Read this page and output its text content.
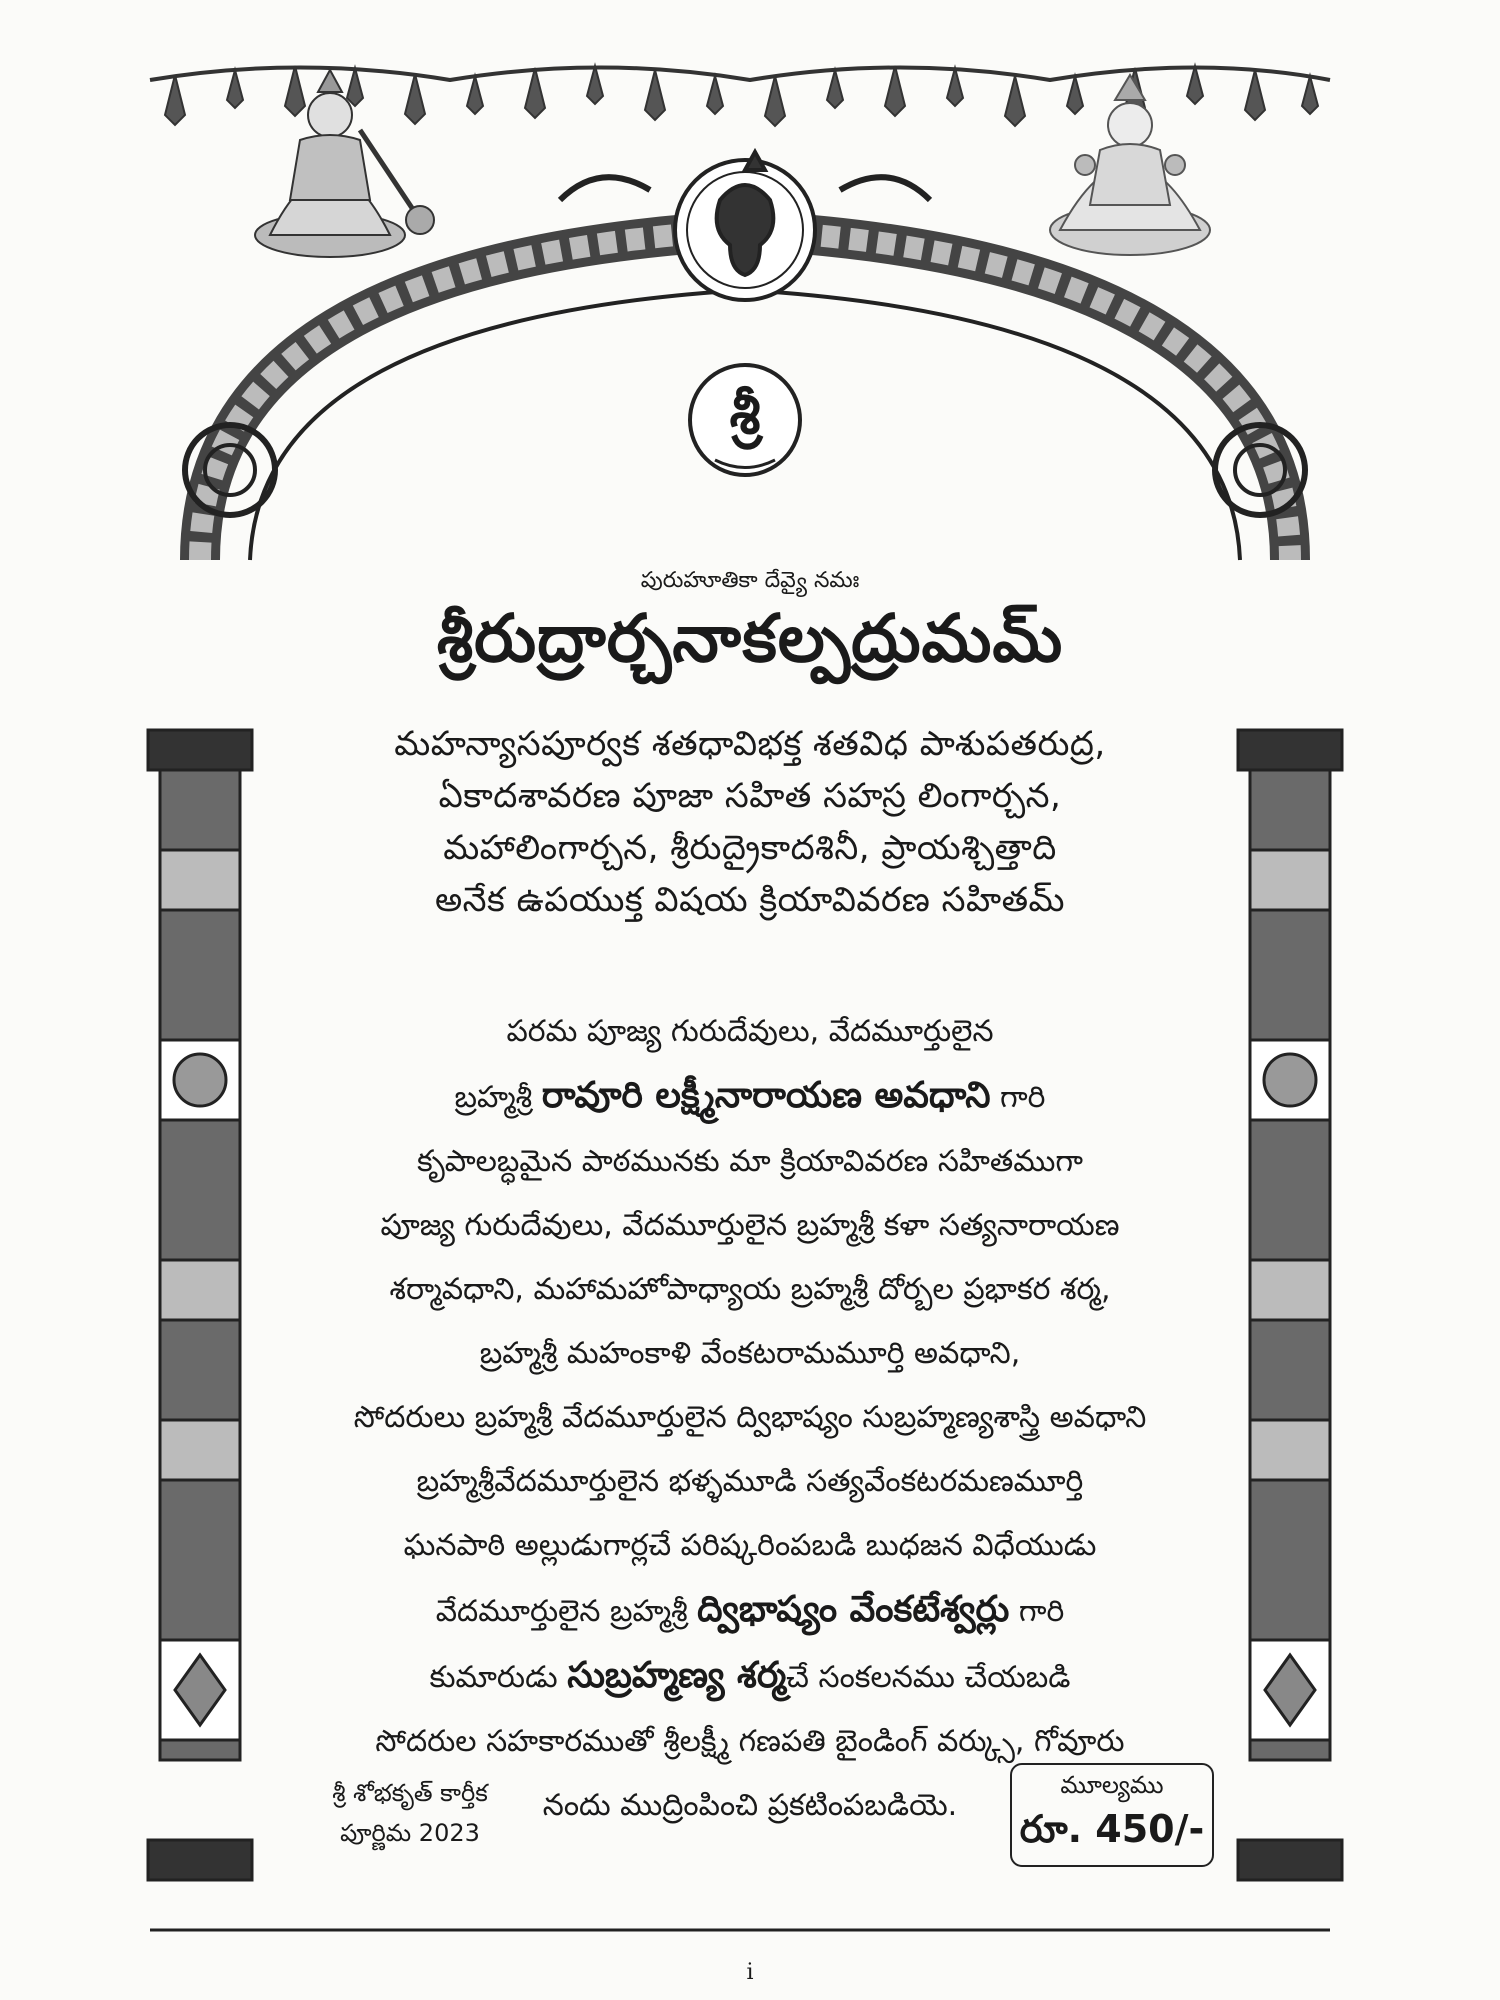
శ్రీ

పురుహూతికా దేవ్యై నమః

శ్రీరుద్రార్చనాకల్పద్రుమమ్

మహన్యాసపూర్వక శతధావిభక్త శతవిధ పాశుపతరుద్ర,

ఏకాదశావరణ పూజా సహిత సహస్ర లింగార్చన,

మహాలింగార్చన, శ్రీరుద్రైకాదశినీ, ప్రాయశ్చిత్తాది

అనేక ఉపయుక్త విషయ క్రియావివరణ సహితమ్

పరమ పూజ్య గురుదేవులు, వేదమూర్తులైన

బ్రహ్మశ్రీ రావూరి లక్ష్మీనారాయణ అవధాని గారి

కృపాలబ్ధమైన పాఠమునకు మా క్రియావివరణ సహితముగా

పూజ్య గురుదేవులు, వేదమూర్తులైన బ్రహ్మశ్రీ కళా సత్యనారాయణ

శర్మావధాని, మహామహోపాధ్యాయ బ్రహ్మశ్రీ దోర్బల ప్రభాకర శర్మ,

బ్రహ్మశ్రీ మహంకాళి వేంకటరామమూర్తి అవధాని,

సోదరులు బ్రహ్మశ్రీ వేదమూర్తులైన ద్విభాష్యం సుబ్రహ్మణ్యశాస్త్రి అవధాని

బ్రహ్మశ్రీవేదమూర్తులైన భళ్ళమూడి సత్యవేంకటరమణమూర్తి

ఘనపాఠి అల్లుడుగార్లచే పరిష్కరింపబడి బుధజన విధేయుడు

వేదమూర్తులైన బ్రహ్మశ్రీ ద్విభాష్యం వేంకటేశ్వర్లు గారి

కుమారుడు సుబ్రహ్మణ్య శర్మచే సంకలనము చేయబడి

సోదరుల సహకారముతో శ్రీలక్ష్మీ గణపతి బైండింగ్ వర్క్సు, గోవూరు

నందు ముద్రింపించి ప్రకటింపబడియె.

శ్రీ శోభకృత్ కార్తీక

పూర్ణిమ 2023

మూల్యము
రూ. 450/-
i
